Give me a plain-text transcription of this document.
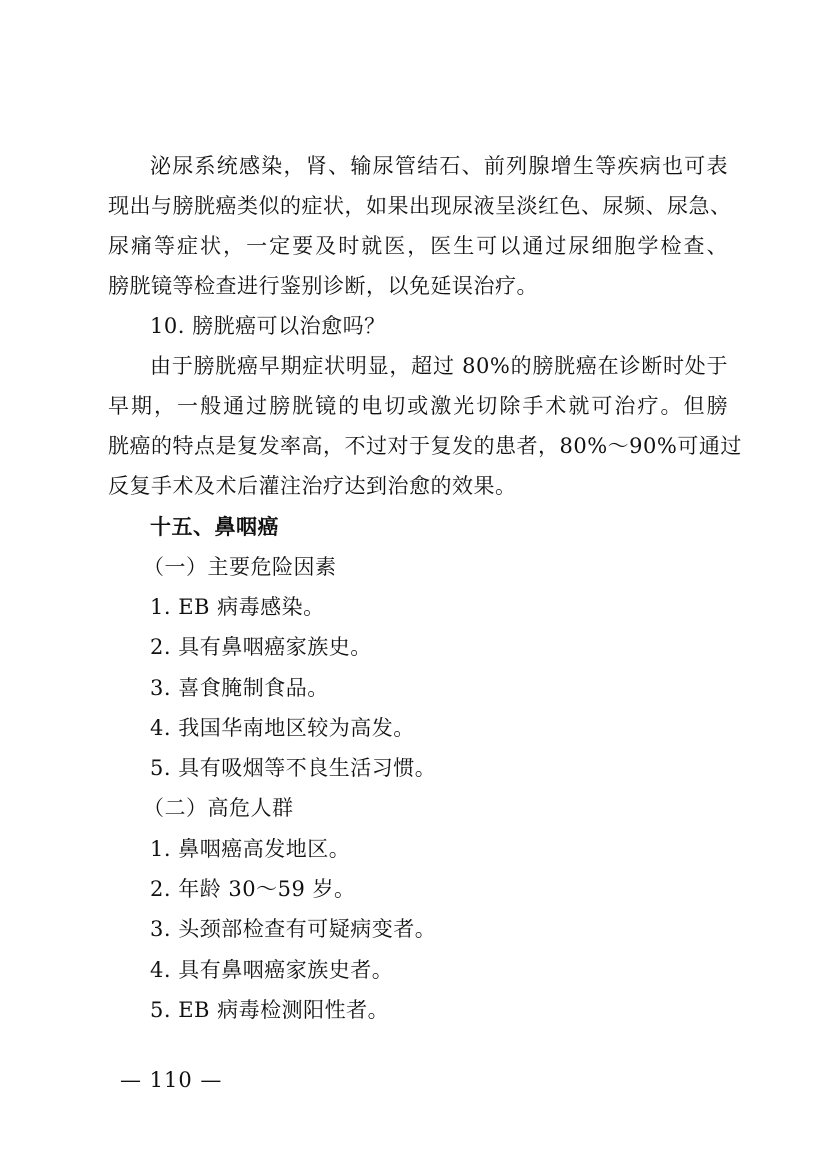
泌尿系统感染，肾、输尿管结石、前列腺增生等疾病也可表
现出与膀胱癌类似的症状，如果出现尿液呈淡红色、尿频、尿急、
尿痛等症状，一定要及时就医，医生可以通过尿细胞学检查、
膀胱镜等检查进行鉴别诊断，以免延误治疗。
10. 膀胱癌可以治愈吗？
由于膀胱癌早期症状明显，超过 80%的膀胱癌在诊断时处于
早期，一般通过膀胱镜的电切或激光切除手术就可治疗。但膀
胱癌的特点是复发率高，不过对于复发的患者，80%～90%可通过
反复手术及术后灌注治疗达到治愈的效果。
十五、鼻咽癌
（一）主要危险因素
1. EB 病毒感染。
2. 具有鼻咽癌家族史。
3. 喜食腌制食品。
4. 我国华南地区较为高发。
5. 具有吸烟等不良生活习惯。
（二）高危人群
1. 鼻咽癌高发地区。
2. 年龄 30～59 岁。
3. 头颈部检查有可疑病变者。
4. 具有鼻咽癌家族史者。
5. EB 病毒检测阳性者。
— 110 —
